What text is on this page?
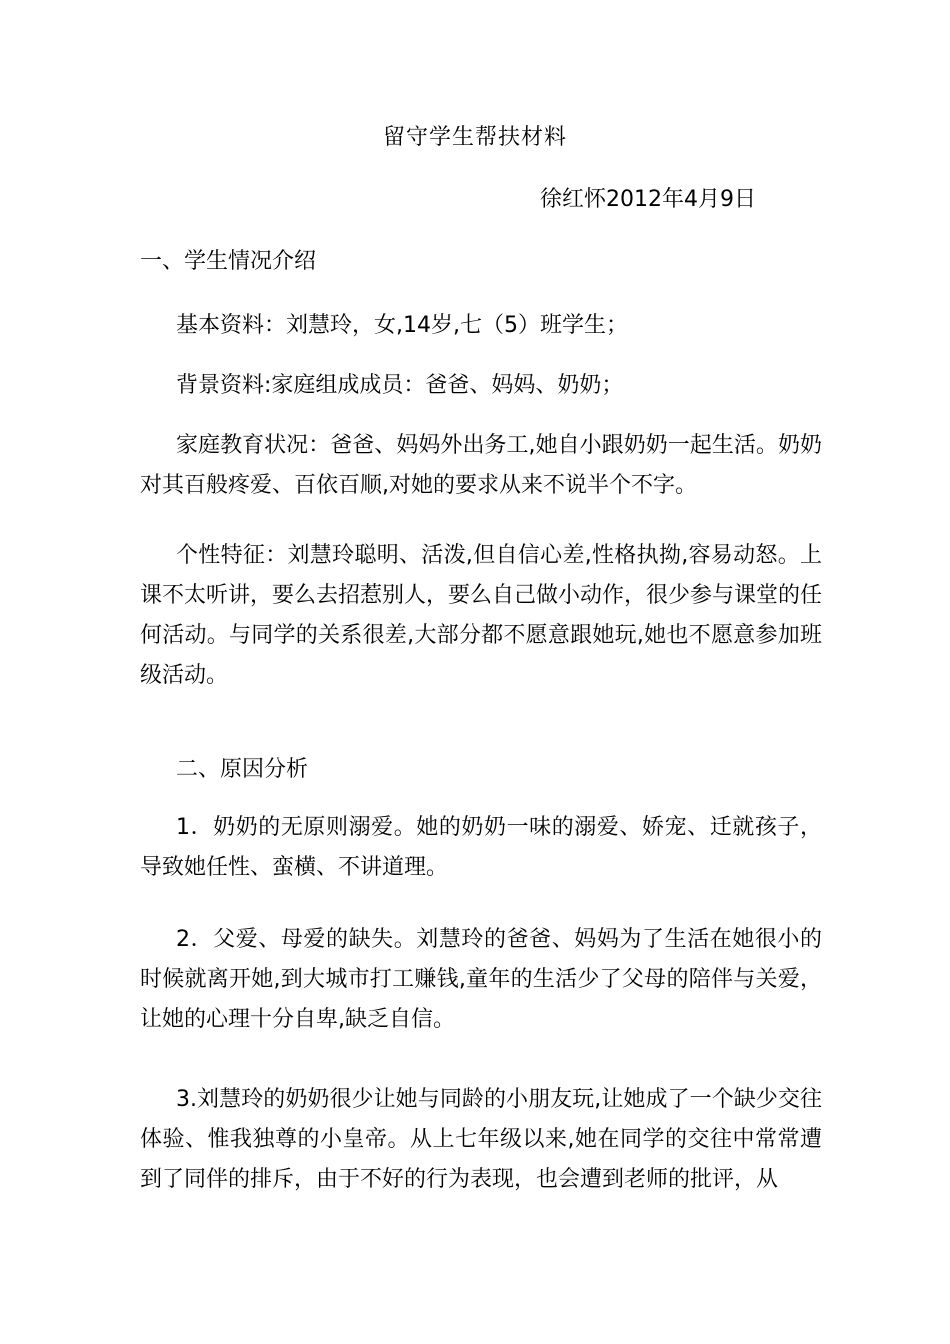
留守学生帮扶材料
徐红怀2012年4月9日
一、学生情况介绍
基本资料：刘慧玲，女,14岁,七（5）班学生；
背景资料:家庭组成成员：爸爸、妈妈、奶奶；
家庭教育状况：爸爸、妈妈外出务工,她自小跟奶奶一起生活。奶奶对其百般疼爱、百依百顺,对她的要求从来不说半个不字。
个性特征：刘慧玲聪明、活泼,但自信心差,性格执拗,容易动怒。上课不太听讲，要么去招惹别人，要么自己做小动作，很少参与课堂的任何活动。与同学的关系很差,大部分都不愿意跟她玩,她也不愿意参加班级活动。
二、原因分析
1．奶奶的无原则溺爱。她的奶奶一味的溺爱、娇宠、迁就孩子，导致她任性、蛮横、不讲道理。
2．父爱、母爱的缺失。刘慧玲的爸爸、妈妈为了生活在她很小的时候就离开她,到大城市打工赚钱,童年的生活少了父母的陪伴与关爱，让她的心理十分自卑,缺乏自信。
3.刘慧玲的奶奶很少让她与同龄的小朋友玩,让她成了一个缺少交往体验、惟我独尊的小皇帝。从上七年级以来,她在同学的交往中常常遭到了同伴的排斥，由于不好的行为表现，也会遭到老师的批评，从
